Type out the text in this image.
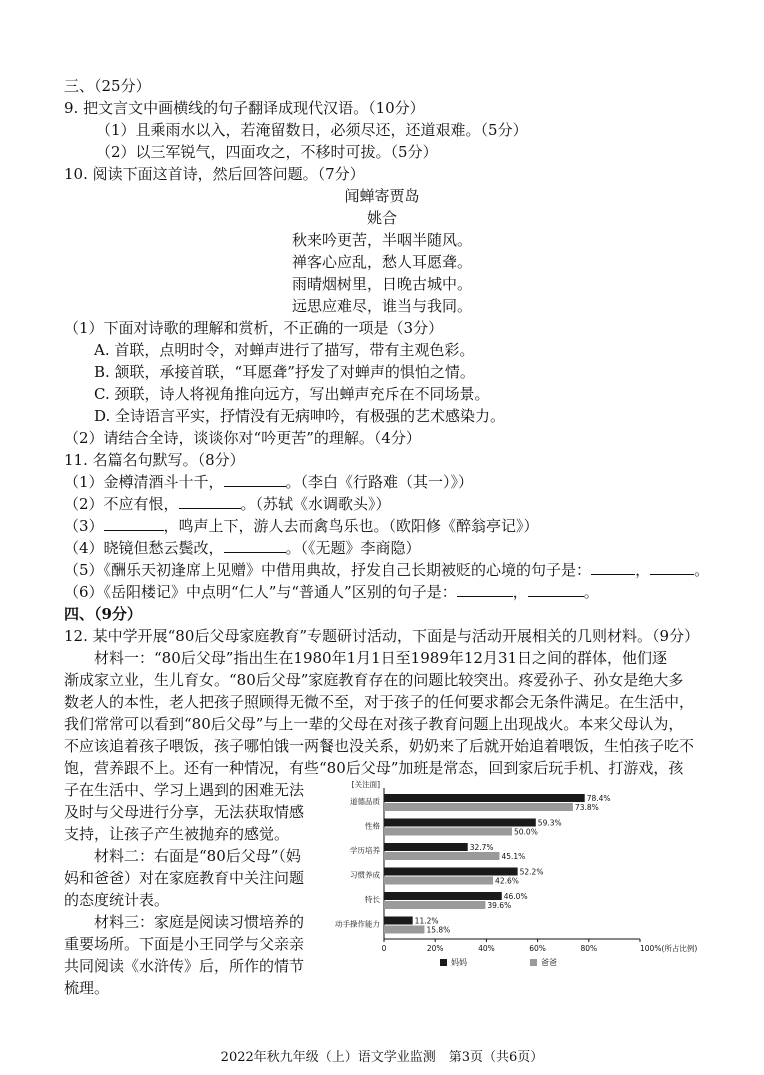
三、（25分）
9. 把文言文中画横线的句子翻译成现代汉语。（10分）
（1）且乘雨水以入，若淹留数日，必须尽还，还道艰难。（5分）
（2）以三军锐气，四面攻之，不移时可拔。（5分）
10. 阅读下面这首诗，然后回答问题。（7分）
闻蝉寄贾岛
姚合
秋来吟更苦，半咽半随风。
禅客心应乱，愁人耳愿聋。
雨晴烟树里，日晚古城中。
远思应难尽，谁当与我同。
（1）下面对诗歌的理解和赏析，不正确的一项是（3分）
A. 首联，点明时令，对蝉声进行了描写，带有主观色彩。
B. 颔联，承接首联，“耳愿聋”抒发了对蝉声的惧怕之情。
C. 颈联，诗人将视角推向远方，写出蝉声充斥在不同场景。
D. 全诗语言平实，抒情没有无病呻吟，有极强的艺术感染力。
（2）请结合全诗，谈谈你对“吟更苦”的理解。（4分）
11. 名篇名句默写。（8分）
（1）金樽清酒斗十千，	。（李白《行路难（其一）》）
（2）不应有恨，	。（苏轼《水调歌头》）
（3）	，鸣声上下，游人去而禽鸟乐也。（欧阳修《醉翁亭记》）
（4）晓镜但愁云鬓改，	。（《无题》李商隐）
（5）《酬乐天初逢席上见赠》中借用典故，抒发自己长期被贬的心境的句子是：	，	。
（6）《岳阳楼记》中点明“仁人”与“普通人”区别的句子是：	，	。
四、（9分）
12. 某中学开展“80后父母家庭教育”专题研讨活动，下面是与活动开展相关的几则材料。（9分）
材料一：“80后父母”指出生在1980年1月1日至1989年12月31日之间的群体，他们逐
渐成家立业，生儿育女。“80后父母”家庭教育存在的问题比较突出。疼爱孙子、孙女是绝大多
数老人的本性，老人把孩子照顾得无微不至，对于孩子的任何要求都会无条件满足。在生活中，
我们常常可以看到“80后父母”与上一辈的父母在对孩子教育问题上出现战火。本来父母认为，
不应该追着孩子喂饭，孩子哪怕饿一两餐也没关系，奶奶来了后就开始追着喂饭，生怕孩子吃不
饱，营养跟不上。还有一种情况，有些“80后父母”加班是常态，回到家后玩手机、打游戏，孩
子在生活中、学习上遇到的困难无法
及时与父母进行分享，无法获取情感
支持，让孩子产生被抛弃的感觉。
材料二：右面是“80后父母”（妈
妈和爸爸）对在家庭教育中关注问题
的态度统计表。
材料三：家庭是阅读习惯培养的
重要场所。下面是小王同学与父亲亲
共同阅读《水浒传》后，所作的情节
梳理。
[关注面]
道德品质	78.4%
73.8%
性格	59.3%
50.0%
学历培养	32.7%
45.1%
习惯养成	52.2%
42.6%
特长	46.0%
39.6%
动手操作能力	11.2%
15.8%
0	20%	40%	60%	80%	100%(所占比例)
妈妈	爸爸
2022年秋九年级（上）语文学业监测　第3页（共6页）
